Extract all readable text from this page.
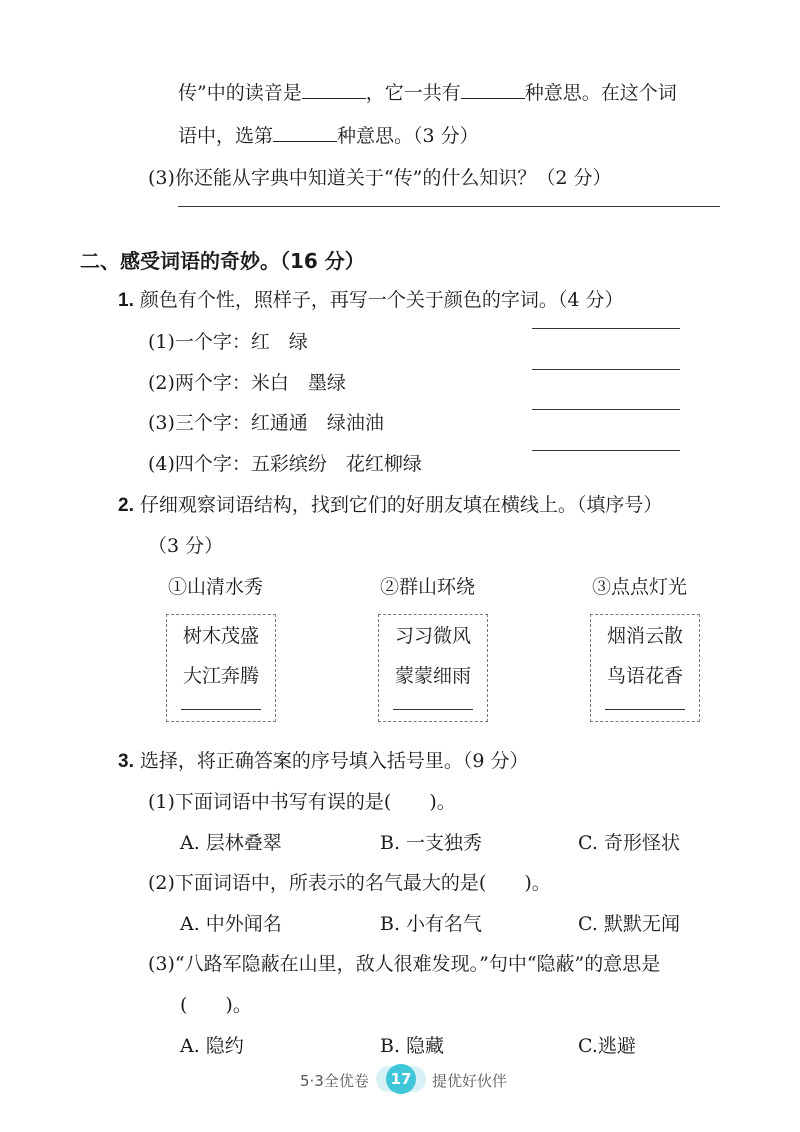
传”中的读音是	，它一共有	种意思。在这个词
语中，选第	种意思。（3 分）
(3)你还能从字典中知道关于“传”的什么知识？（2 分）
二、感受词语的奇妙。（16 分）
1. 颜色有个性，照样子，再写一个关于颜色的字词。（4 分）
(1)一个字：红　绿
(2)两个字：米白　墨绿
(3)三个字：红通通　绿油油
(4)四个字：五彩缤纷　花红柳绿
2. 仔细观察词语结构，找到它们的好朋友填在横线上。（填序号）
（3 分）
①山清水秀	②群山环绕	③点点灯光
树木茂盛
大江奔腾
习习微风
蒙蒙细雨
烟消云散
鸟语花香
3. 选择，将正确答案的序号填入括号里。（9 分）
(1)下面词语中书写有误的是(　　)。
A. 层林叠翠	B. 一支独秀	C. 奇形怪状
(2)下面词语中，所表示的名气最大的是(　　)。
A. 中外闻名	B. 小有名气	C. 默默无闻
(3)“八路军隐蔽在山里，敌人很难发现。”句中“隐蔽”的意思是
(　　)。
A. 隐约	B. 隐藏	C.逃避
5·3全优卷	17	提优好伙伴
